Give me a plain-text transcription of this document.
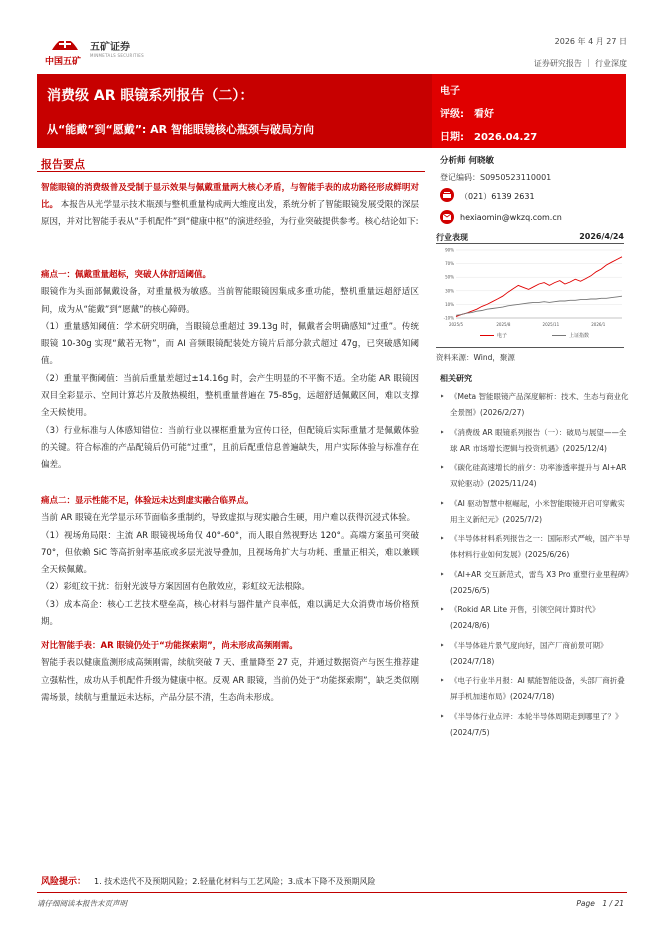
中国五矿
五矿证券
MINMETALS SECURITIES
2026 年 4 月 27 日
证券研究报告 ｜ 行业深度
消费级 AR 眼镜系列报告（二）：
从“能戴”到“愿戴”: AR 智能眼镜核心瓶颈与破局方向
电子
评级: 看好
日期: 2026.04.27
报告要点
智能眼镜的消费级普及受制于显示效果与佩戴重量两大核心矛盾，与智能手表的成功路径形成鲜明对比。 本报告从光学显示技术瓶颈与整机重量构成两大维度出发，系统分析了智能眼镜发展受限的深层原因，并对比智能手表从“手机配件”到“健康中枢”的演进经验，为行业突破提供参考。核心结论如下:

痛点一：佩戴重量超标，突破人体舒适阈值。

眼镜作为头面部佩戴设备，对重量极为敏感。当前智能眼镜因集成多重功能，整机重量远超舒适区间，成为从“能戴”到“愿戴”的核心障碍。

（1）重量感知阈值：学术研究明确，当眼镜总重超过 39.13g 时，佩戴者会明确感知“过重”。传统眼镜 10-30g 实现“戴若无物”，而 AI 音频眼镜配装处方镜片后部分款式超过 47g，已突破感知阈值。

（2）重量平衡阈值：当前后重量差超过±14.16g 时，会产生明显的不平衡不适。全功能 AR 眼镜因双目全彩显示、空间计算芯片及散热模组，整机重量普遍在 75-85g，远超舒适佩戴区间，难以支撑全天候使用。

（3）行业标准与人体感知错位：当前行业以裸框重量为宣传口径，但配镜后实际重量才是佩戴体验的关键。符合标准的产品配镜后仍可能“过重”，且前后配重信息普遍缺失，用户实际体验与标准存在偏差。

痛点二：显示性能不足，体验远未达到虚实融合临界点。

当前 AR 眼镜在光学显示环节面临多重制约，导致虚拟与现实融合生硬，用户难以获得沉浸式体验。

（1）视场角局限：主流 AR 眼镜视场角仅 40°-60°，而人眼自然视野达 120°。高端方案虽可突破 70°，但依赖 SiC 等高折射率基底或多层光波导叠加，且视场角扩大与功耗、重量正相关，难以兼顾全天候佩戴。

（2）彩虹纹干扰：衍射光波导方案因固有色散效应，彩虹纹无法根除。

（3）成本高企：核心工艺技术壁垒高，核心材料与器件量产良率低，难以满足大众消费市场价格预期。

对比智能手表：AR 眼镜仍处于“功能探索期”，尚未形成高频刚需。

智能手表以健康监测形成高频刚需，续航突破 7 天、重量降至 27 克，并通过数据资产与医生推荐建立强粘性，成功从手机配件升级为健康中枢。反观 AR 眼镜，当前仍处于“功能探索期”，缺乏类似刚需场景，续航与重量远未达标，产品分层不清，生态尚未形成。

分析师 何晓敏
登记编码：S0950523110001
（021）6139 2631
hexiaomin@wkzq.com.cn
行业表现	2026/4/24
-10%
10%
30%
50%
70%
90%
2025/5	2025/8	2025/11	2026/1
电子	上证指数
资料来源：Wind，聚源
相关研究
‣ 《Meta 智能眼镜产品深度解析：技术、生态与商业化全景图》(2026/2/27)
‣ 《消费级 AR 眼镜系列报告（一）：破局与展望——全球 AR 市场增长逻辑与投资机遇》(2025/12/4)
‣ 《碳化硅高速增长的前夕：功率渗透率提升与 AI+AR 双轮驱动》(2025/11/24)
‣ 《AI 驱动智慧中枢崛起，小米智能眼镜开启可穿戴实用主义新纪元》(2025/7/2)
‣ 《半导体材料系列报告之一：国际形式严峻，国产半导体材料行业如何发展》(2025/6/26)
‣ 《AI+AR 交互新范式，雷鸟 X3 Pro 重塑行业里程碑》(2025/6/5)
‣ 《Rokid AR Lite 开售，引领空间计算时代》(2024/8/6)
‣ 《半导体硅片景气度向好，国产厂商前景可期》(2024/7/18)
‣ 《电子行业半月报：AI 赋能智能设备，头部厂商折叠屏手机加速布局》(2024/7/18)
‣ 《半导体行业点评：本轮半导体周期走到哪里了？》(2024/7/5)
风险提示： 1. 技术迭代不及预期风险；2.轻量化材料与工艺风险；3.成本下降不及预期风险
请仔细阅读本报告末页声明	Page　1 / 21
